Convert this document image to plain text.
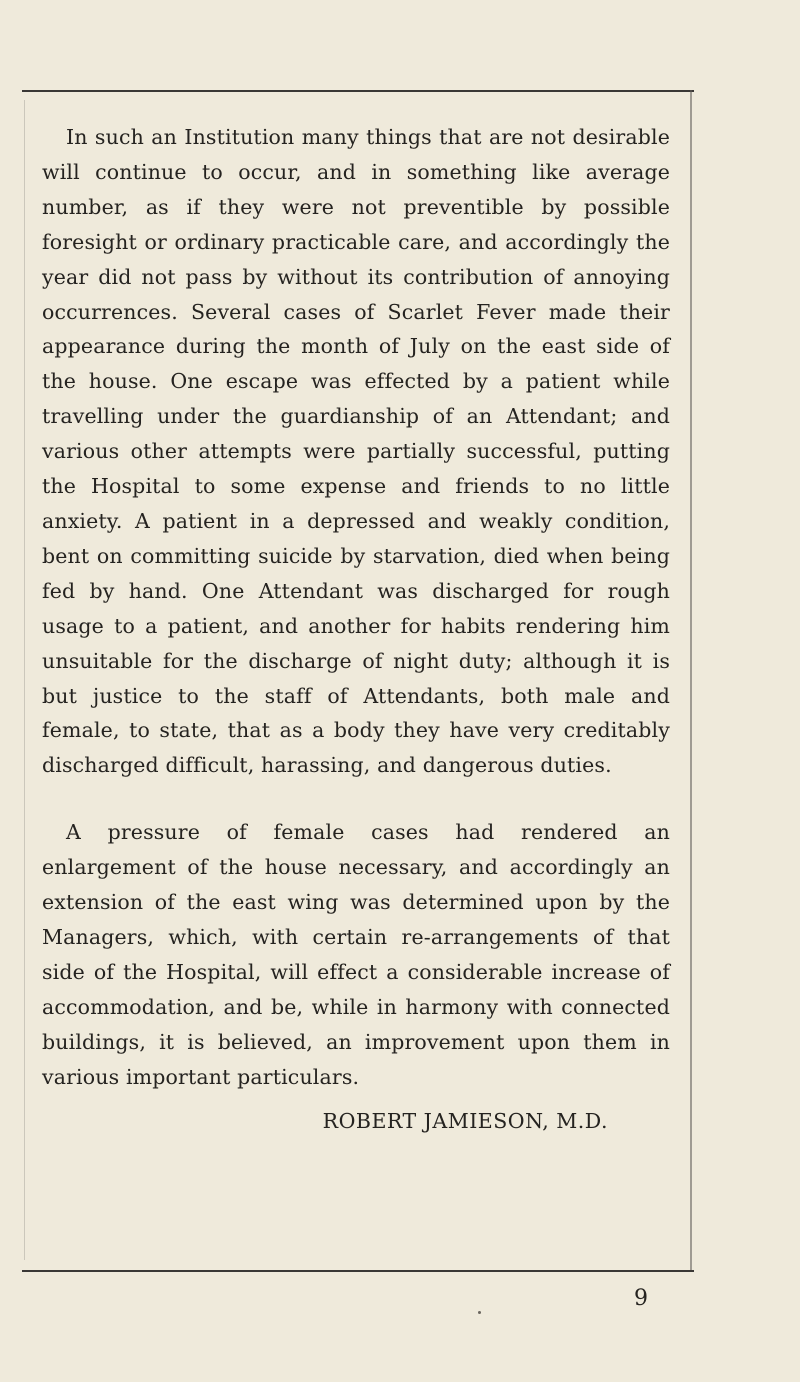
In such an Institution many things that are not desirable will continue to occur, and in something like average number, as if they were not preventible by possible foresight or ordinary practicable care, and accordingly the year did not pass by without its contribution of annoying occurrences. Several cases of Scarlet Fever made their appearance during the month of July on the east side of the house. One escape was effected by a patient while travelling under the guardianship of an Attendant; and various other attempts were partially successful, putting the Hospital to some expense and friends to no little anxiety. A patient in a depressed and weakly condition, bent on committing suicide by starvation, died when being fed by hand. One Attendant was discharged for rough usage to a patient, and another for habits rendering him unsuitable for the discharge of night duty; although it is but justice to the staff of Attendants, both male and female, to state, that as a body they have very creditably discharged difficult, harassing, and dangerous duties.

A pressure of female cases had rendered an enlargement of the house necessary, and accordingly an extension of the east wing was determined upon by the Managers, which, with certain re-arrangements of that side of the Hospital, will effect a considerable increase of accommodation, and be, while in harmony with connected buildings, it is believed, an improvement upon them in various important particulars.

ROBERT JAMIESON, M.D.

9
